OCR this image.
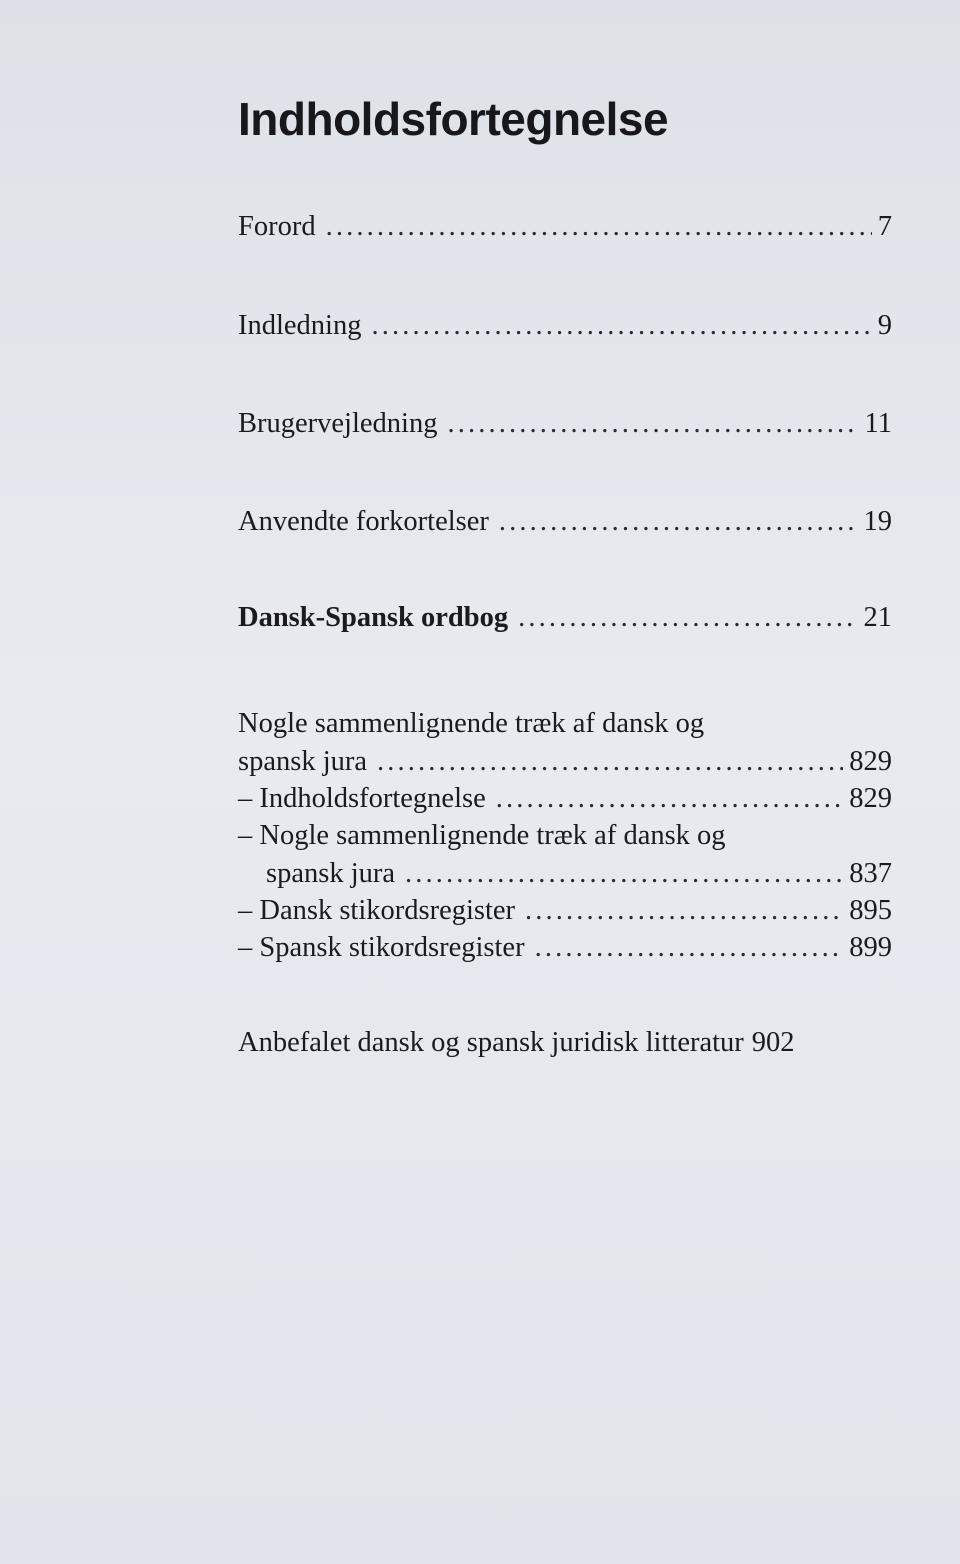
Indholdsfortegnelse
Forord . . .	7
Indledning . . .	9
Brugervejledning . . .	11
Anvendte forkortelser . . .	19
Dansk-Spansk ordbog . . .	21
Nogle sammenlignende træk af dansk og
spansk jura . . .	829
– Indholdsfortegnelse . . .	829
– Nogle sammenlignende træk af dansk og
spansk jura . . .	837
– Dansk stikordsregister . . .	895
– Spansk stikordsregister . . .	899
Anbefalet dansk og spansk juridisk litteratur 902
